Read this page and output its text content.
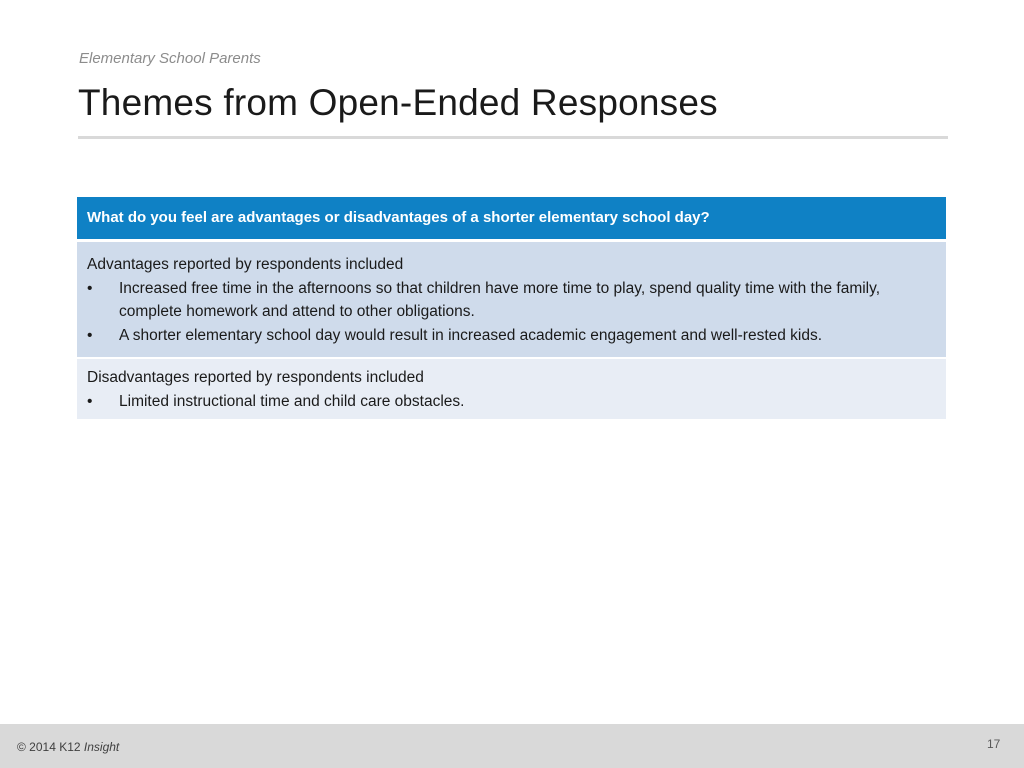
Elementary School Parents
Themes from Open-Ended Responses
What do you feel are advantages or disadvantages of a shorter elementary school day?
Advantages reported by respondents included
• Increased free time in the afternoons so that children have more time to play, spend quality time with the family, complete homework and attend to other obligations.
• A shorter elementary school day would result in increased academic engagement and well-rested kids.
Disadvantages reported by respondents included
• Limited instructional time and child care obstacles.
© 2014 K12 Insight	17
